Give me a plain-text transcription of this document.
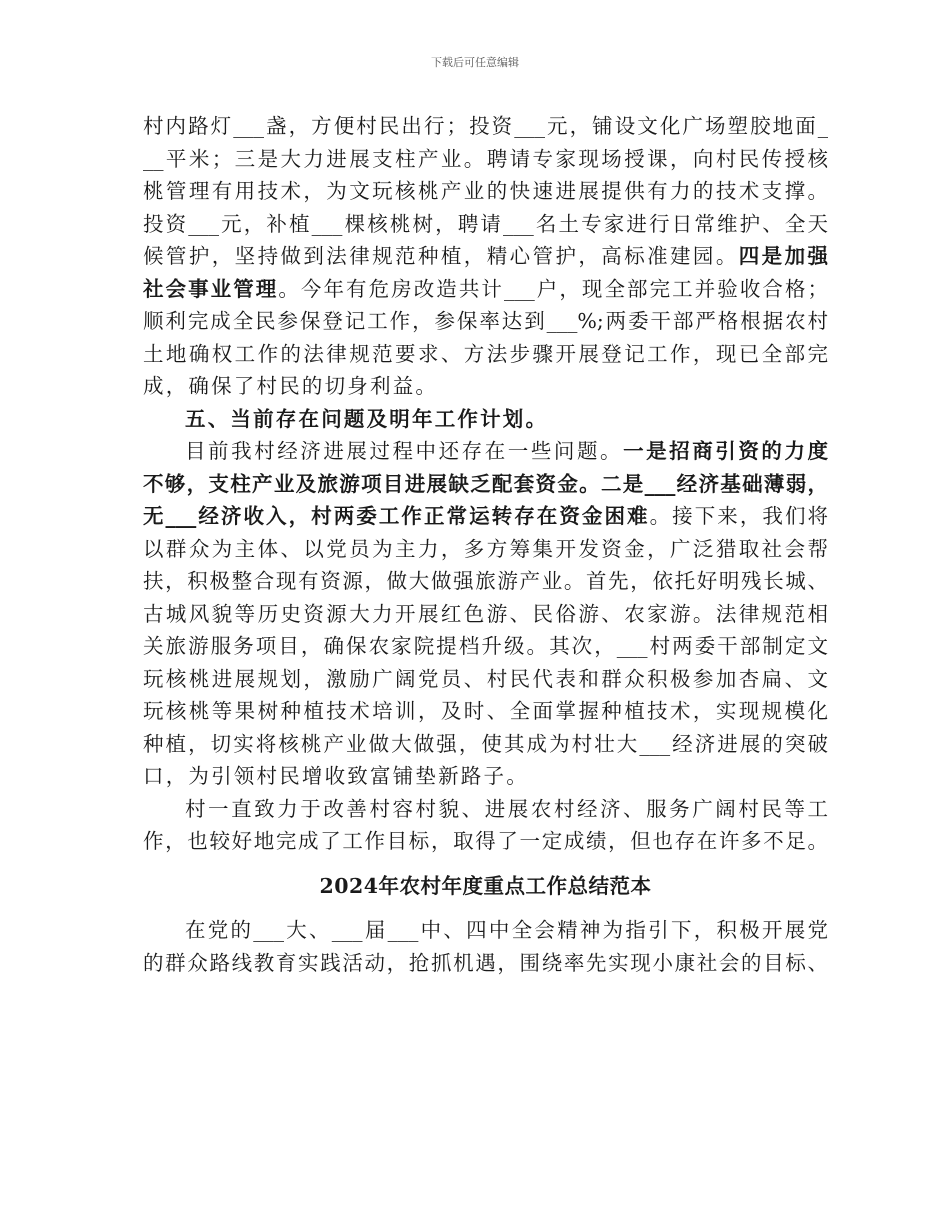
下载后可任意编辑
村内路灯___盏，方便村民出行；投资___元，铺设文化广场塑胶地面_
__平米；三是大力进展支柱产业。聘请专家现场授课，向村民传授核
桃管理有用技术，为文玩核桃产业的快速进展提供有力的技术支撑。
投资___元，补植___棵核桃树，聘请___名土专家进行日常维护、全天
候管护，坚持做到法律规范种植，精心管护，高标准建园。四是加强
社会事业管理。今年有危房改造共计___户，现全部完工并验收合格；
顺利完成全民参保登记工作，参保率达到___%;两委干部严格根据农村
土地确权工作的法律规范要求、方法步骤开展登记工作，现已全部完
成，确保了村民的切身利益。
五、当前存在问题及明年工作计划。
目前我村经济进展过程中还存在一些问题。一是招商引资的力度
不够，支柱产业及旅游项目进展缺乏配套资金。二是___经济基础薄弱，
无___经济收入，村两委工作正常运转存在资金困难。接下来，我们将
以群众为主体、以党员为主力，多方筹集开发资金，广泛猎取社会帮
扶，积极整合现有资源，做大做强旅游产业。首先，依托好明残长城、
古城风貌等历史资源大力开展红色游、民俗游、农家游。法律规范相
关旅游服务项目，确保农家院提档升级。其次，___村两委干部制定文
玩核桃进展规划，激励广阔党员、村民代表和群众积极参加杏扁、文
玩核桃等果树种植技术培训，及时、全面掌握种植技术，实现规模化
种植，切实将核桃产业做大做强，使其成为村壮大___经济进展的突破
口，为引领村民增收致富铺垫新路子。
村一直致力于改善村容村貌、进展农村经济、服务广阔村民等工
作，也较好地完成了工作目标，取得了一定成绩，但也存在许多不足。
2024年农村年度重点工作总结范本
在党的___大、___届___中、四中全会精神为指引下，积极开展党
的群众路线教育实践活动，抢抓机遇，围绕率先实现小康社会的目标、
